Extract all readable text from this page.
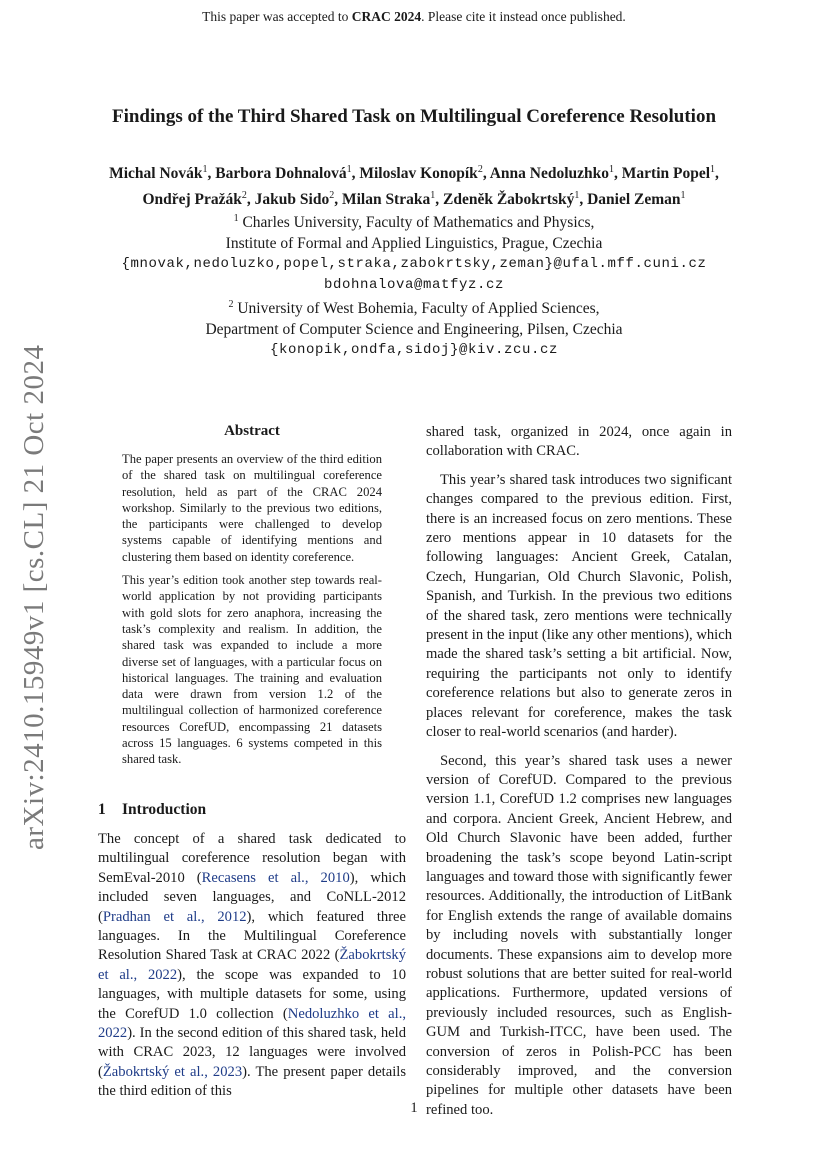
This paper was accepted to CRAC 2024. Please cite it instead once published.
Findings of the Third Shared Task on Multilingual Coreference Resolution
Michal Novák$^1$, Barbora Dohnalová$^1$, Miloslav Konopík$^2$, Anna Nedoluzhko$^1$, Martin Popel$^1$,
Ondřej Pražák$^2$, Jakub Sido$^2$, Milan Straka$^1$, Zdeněk Žabokrtský$^1$, Daniel Zeman$^1$
$^1$ Charles University, Faculty of Mathematics and Physics,
Institute of Formal and Applied Linguistics, Prague, Czechia
{mnovak,nedoluzko,popel,straka,zabokrtsky,zeman}@ufal.mff.cuni.cz
bdohnalova@matfyz.cz
$^2$ University of West Bohemia, Faculty of Applied Sciences,
Department of Computer Science and Engineering, Pilsen, Czechia
{konopik,ondfa,sidoj}@kiv.zcu.cz
arXiv:2410.15949v1 [cs.CL] 21 Oct 2024	Abstract

The paper presents an overview of the third edition of the shared task on multilingual coreference resolution, held as part of the CRAC 2024 workshop. Similarly to the previous two editions, the participants were challenged to develop systems capable of identifying mentions and clustering them based on identity coreference.

This year’s edition took another step towards real-world application by not providing participants with gold slots for zero anaphora, increasing the task’s complexity and realism. In addition, the shared task was expanded to include a more diverse set of languages, with a particular focus on historical languages. The training and evaluation data were drawn from version 1.2 of the multilingual collection of harmonized coreference resources CorefUD, encompassing 21 datasets across 15 languages. 6 systems competed in this shared task.

1 Introduction

The concept of a shared task dedicated to multilingual coreference resolution began with SemEval-2010 (Recasens et al., 2010), which included seven languages, and CoNLL-2012 (Pradhan et al., 2012), which featured three languages. In the Multilingual Coreference Resolution Shared Task at CRAC 2022 (Žabokrtský et al., 2022), the scope was expanded to 10 languages, with multiple datasets for some, using the CorefUD 1.0 collection (Nedoluzhko et al., 2022). In the second edition of this shared task, held with CRAC 2023, 12 languages were involved (Žabokrtský et al., 2023). The present paper details the third edition of this

shared task, organized in 2024, once again in collaboration with CRAC.

This year’s shared task introduces two significant changes compared to the previous edition. First, there is an increased focus on zero mentions. These zero mentions appear in 10 datasets for the following languages: Ancient Greek, Catalan, Czech, Hungarian, Old Church Slavonic, Polish, Spanish, and Turkish. In the previous two editions of the shared task, zero mentions were technically present in the input (like any other mentions), which made the shared task’s setting a bit artificial. Now, requiring the participants not only to identify coreference relations but also to generate zeros in places relevant for coreference, makes the task closer to real-world scenarios (and harder).

Second, this year’s shared task uses a newer version of CorefUD. Compared to the previous version 1.1, CorefUD 1.2 comprises new languages and corpora. Ancient Greek, Ancient Hebrew, and Old Church Slavonic have been added, further broadening the task’s scope beyond Latin-script languages and toward those with significantly fewer resources. Additionally, the introduction of LitBank for English extends the range of available domains by including novels with substantially longer documents. These expansions aim to develop more robust solutions that are better suited for real-world applications. Furthermore, updated versions of previously included resources, such as English-GUM and Turkish-ITCC, have been used. The conversion of zeros in Polish-PCC has been considerably improved, and the conversion pipelines for multiple other datasets have been refined too.

1
